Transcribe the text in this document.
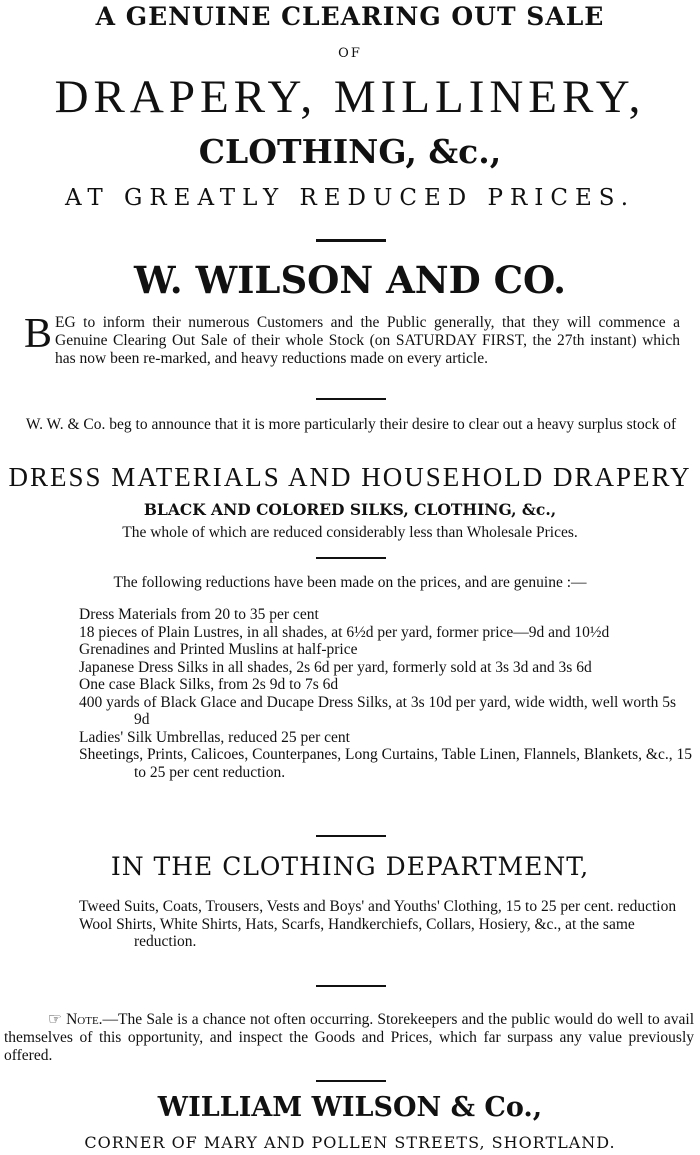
A GENUINE CLEARING OUT SALE
OF
DRAPERY, MILLINERY,
CLOTHING, &c.,
AT GREATLY REDUCED PRICES.
W. WILSON AND CO.
B EG to inform their numerous Customers and the Public generally, that they will commence a Genuine Clearing Out Sale of their whole Stock (on SATURDAY FIRST, the 27th instant) which has now been re-marked, and heavy reductions made on every article.
W. W. & Co. beg to announce that it is more particularly their desire to clear out a heavy surplus stock of
DRESS MATERIALS AND HOUSEHOLD DRAPERY
BLACK AND COLORED SILKS, CLOTHING, &c.,
The whole of which are reduced considerably less than Wholesale Prices.
The following reductions have been made on the prices, and are genuine :—
Dress Materials from 20 to 35 per cent
18 pieces of Plain Lustres, in all shades, at 6½d per yard, former price—9d and 10½d
Grenadines and Printed Muslins at half-price
Japanese Dress Silks in all shades, 2s 6d per yard, formerly sold at 3s 3d and 3s 6d
One case Black Silks, from 2s 9d to 7s 6d
400 yards of Black Glace and Ducape Dress Silks, at 3s 10d per yard, wide width, well worth 5s 9d
Ladies' Silk Umbrellas, reduced 25 per cent
Sheetings, Prints, Calicoes, Counterpanes, Long Curtains, Table Linen, Flannels, Blankets, &c., 15 to 25 per cent reduction.
IN THE CLOTHING DEPARTMENT,
Tweed Suits, Coats, Trousers, Vests and Boys' and Youths' Clothing, 15 to 25 per cent. reduction
Wool Shirts, White Shirts, Hats, Scarfs, Handkerchiefs, Collars, Hosiery, &c., at the same reduction.
☞ Note.—The Sale is a chance not often occurring. Storekeepers and the public would do well to avail themselves of this opportunity, and inspect the Goods and Prices, which far surpass any value previously offered.
WILLIAM WILSON & Co.,
CORNER OF MARY AND POLLEN STREETS, SHORTLAND.
